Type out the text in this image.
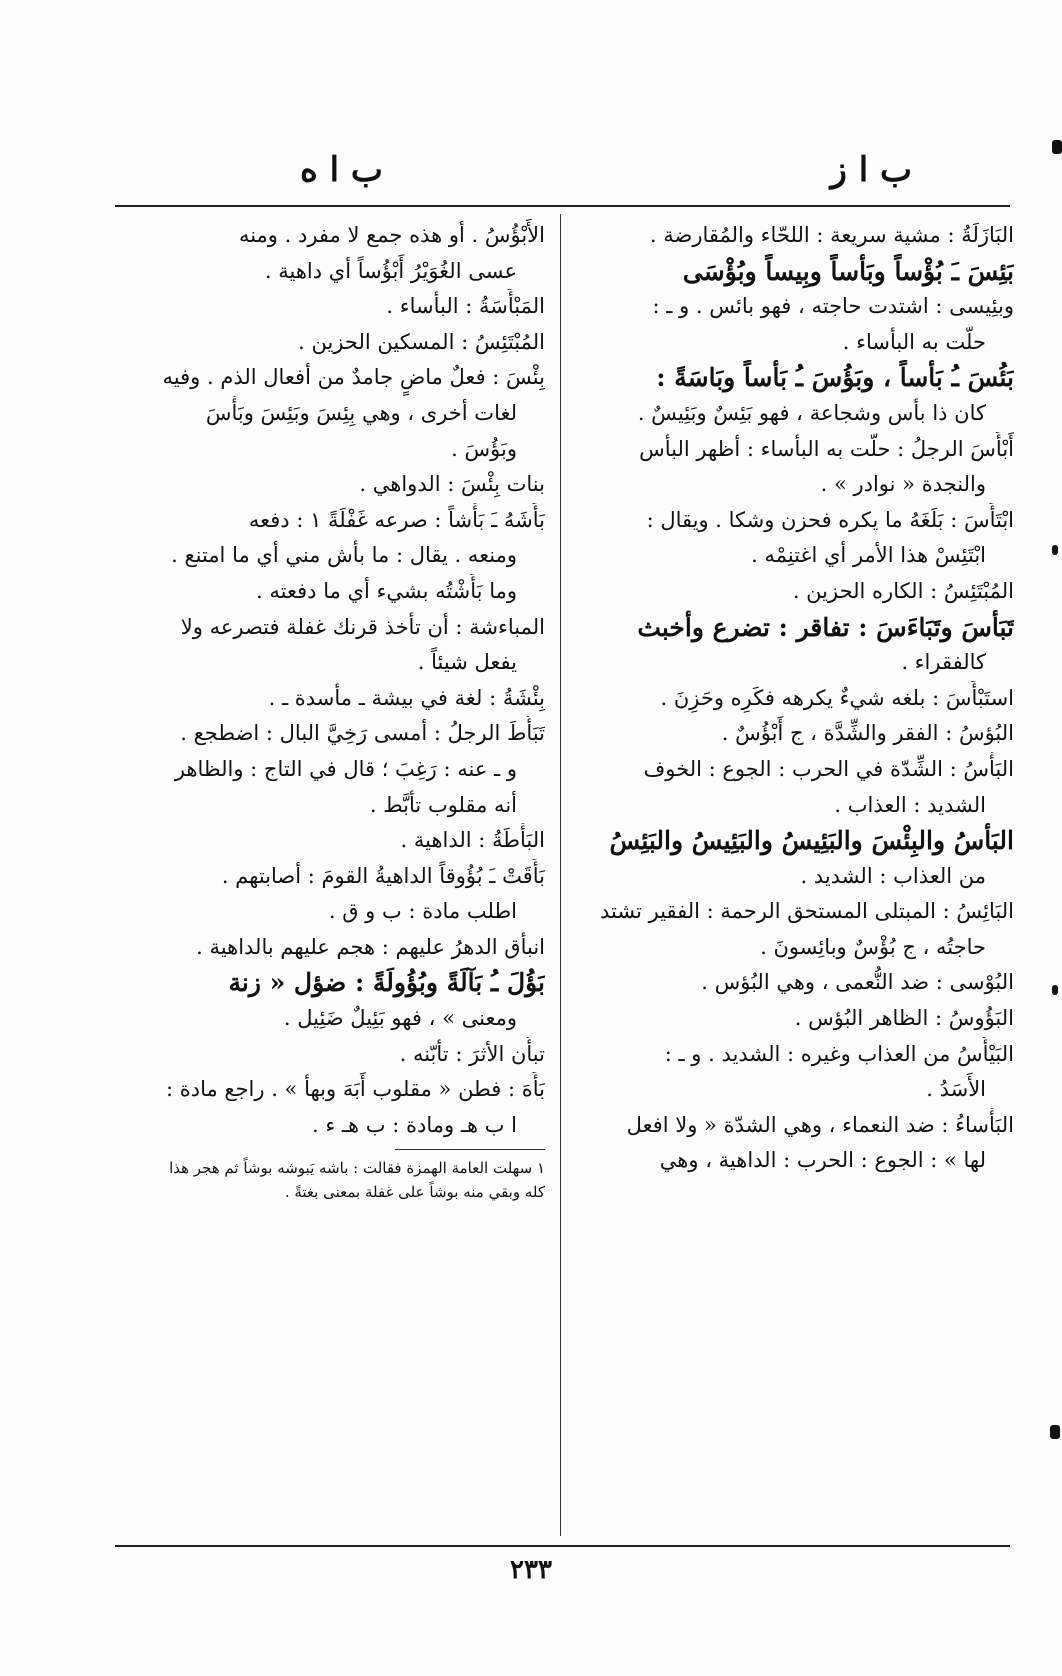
ب ا ز
ب ا ه
البَازَلَةُ : مشية سريعة : اللحّاء والمُقارضة .
بَئِسَ ـَ بُؤْساً وبَأْساً وبِيساً وبُؤْسَى
وبئِيسى : اشتدت حاجته ، فهو بائس . و ـ :
حلّت به البأساء .
بَئُسَ ـُ بَأْساً ، وبَؤُسَ ـُ بَأْساً وبَاسَةً :
كان ذا بأس وشجاعة ، فهو بَئِسٌ وبَئِيسٌ .
أَبْأَسَ الرجلُ : حلّت به البأساء : أظهر البأس
والنجدة « نوادر » .
ابْتَأَسَ : بَلَغَهُ ما يكره فحزن وشكا . ويقال :
ابْتَئِسْ هذا الأمر أي اغتنِمْه .
المُبْتَئِسُ : الكاره الحزين .
تَبَأَّسَ وتَبَاءَسَ : تفاقر : تضرع وأخبث
كالفقراء .
استَبْأَسَ : بلغه شيءٌ يكرهه فكَرِه وحَزِنَ .
البُؤسُ : الفقر والشِّدَّة ، ج أَبْؤُسٌ .
البَأْسُ : الشِّدّة في الحرب : الجوع : الخوف
الشديد : العذاب .
البَأْسُ والبِئْسَ والبَئِيسُ والبَئِيسُ والبَئِسُ
من العذاب : الشديد .
البَائِسُ : المبتلى المستحق الرحمة : الفقير تشتد
حاجتُه ، ج بُؤْسٌ وبائِسونَ .
البُوْسى : ضد النُّعمى ، وهي البُؤس .
البَؤُوسُ : الظاهر البُؤس .
البَيْأَسُ من العذاب وغيره : الشديد . و ـ :
الأَسَدُ .
البَأْساءُ : ضد النعماء ، وهي الشدّة « ولا افعل
لها » : الجوع : الحرب : الداهية ، وهي
الأَبْؤُسُ . أو هذه جمع لا مفرد . ومنه
عسى الغُوَيْرُ أَبْؤُساً أي داهية .
المَبْأَسَةُ : البأساء .
المُبْتَئِسُ : المسكين الحزين .
بِئْسَ : فعلٌ ماضٍ جامدٌ من أفعال الذم . وفيه
لغات أخرى ، وهي بِئِسَ وبَئِسَ وبَأْسَ
وبَؤُسَ .
بنات بِئْسَ : الدواهي .
بَأَشَهُ ـَ بَأْشاً : صرعه غَفْلَةً ١ : دفعه
ومنعه . يقال : ما بأش مني أي ما امتنع .
وما بَأَشْتُه بشيء أي ما دفعته .
المباءشة : أن تأخذ قرنك غفلة فتصرعه ولا
يفعل شيئاً .
بِئْشَةُ : لغة في بيشة ـ مأسدة ـ .
تَبَأَّطَ الرجلُ : أمسى رَخِيَّ البال : اضطجع .
و ـ عنه : رَغِبَ ؛ قال في التاج : والظاهر
أنه مقلوب تأبَّط .
البَأْطَةُ : الداهية .
بَأَقَتْ ـَ بُؤُوقاً الداهيةُ القومَ : أصابتهم .
اطلب مادة : ب و ق .
انبأق الدهرُ عليهم : هجم عليهم بالداهية .
بَؤُلَ ـُ بَآلَةً وبُؤُولَةً : ضؤل « زنة
ومعنى » ، فهو بَئِيلٌ ضَئِيل .
تبأّن الأثرَ : تأبّنه .
بَأَهَ : فطن « مقلوب أَبَهَ وبهأ » . راجع مادة :
ا ب هـ ومادة : ب هـ ء .
١ سهلت العامة الهمزة فقالت : باشه يَبوشه بوشاً ثم هجر هذا
كله وبقي منه بوشاً على غفلة بمعنى بغتةً .
٢٣٣
